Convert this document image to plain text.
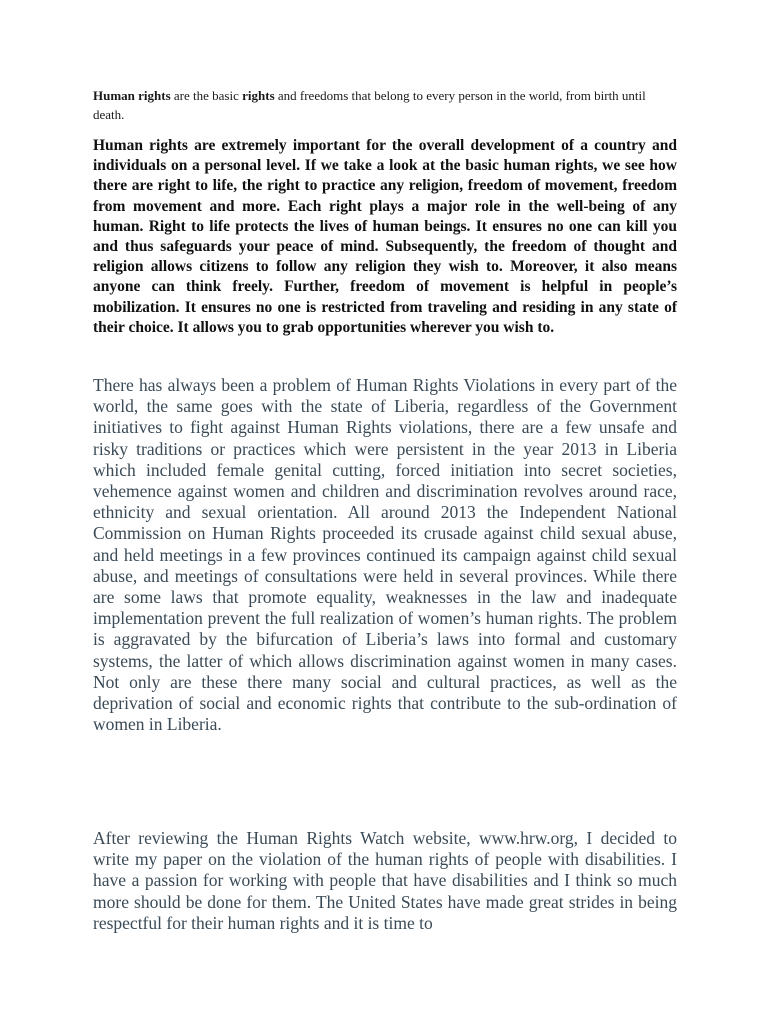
Human rights are the basic rights and freedoms that belong to every person in the world, from birth until death.

Human rights are extremely important for the overall development of a country and individuals on a personal level. If we take a look at the basic human rights, we see how there are right to life, the right to practice any religion, freedom of movement, freedom from movement and more. Each right plays a major role in the well-being of any human. Right to life protects the lives of human beings. It ensures no one can kill you and thus safeguards your peace of mind. Subsequently, the freedom of thought and religion allows citizens to follow any religion they wish to. Moreover, it also means anyone can think freely. Further, freedom of movement is helpful in people’s mobilization. It ensures no one is restricted from traveling and residing in any state of their choice. It allows you to grab opportunities wherever you wish to.

There has always been a problem of Human Rights Violations in every part of the world, the same goes with the state of Liberia, regardless of the Government initiatives to fight against Human Rights violations, there are a few unsafe and risky traditions or practices which were persistent in the year 2013 in Liberia which included female genital cutting, forced initiation into secret societies, vehemence against women and children and discrimination revolves around race, ethnicity and sexual orientation. All around 2013 the Independent National Commission on Human Rights proceeded its crusade against child sexual abuse, and held meetings in a few provinces continued its campaign against child sexual abuse, and meetings of consultations were held in several provinces. While there are some laws that promote equality, weaknesses in the law and inadequate implementation prevent the full realization of women’s human rights. The problem is aggravated by the bifurcation of Liberia’s laws into formal and customary systems, the latter of which allows discrimination against women in many cases. Not only are these there many social and cultural practices, as well as the deprivation of social and economic rights that contribute to the sub-ordination of women in Liberia.

After reviewing the Human Rights Watch website, www.hrw.org, I decided to write my paper on the violation of the human rights of people with disabilities. I have a passion for working with people that have disabilities and I think so much more should be done for them. The United States have made great strides in being respectful for their human rights and it is time to
